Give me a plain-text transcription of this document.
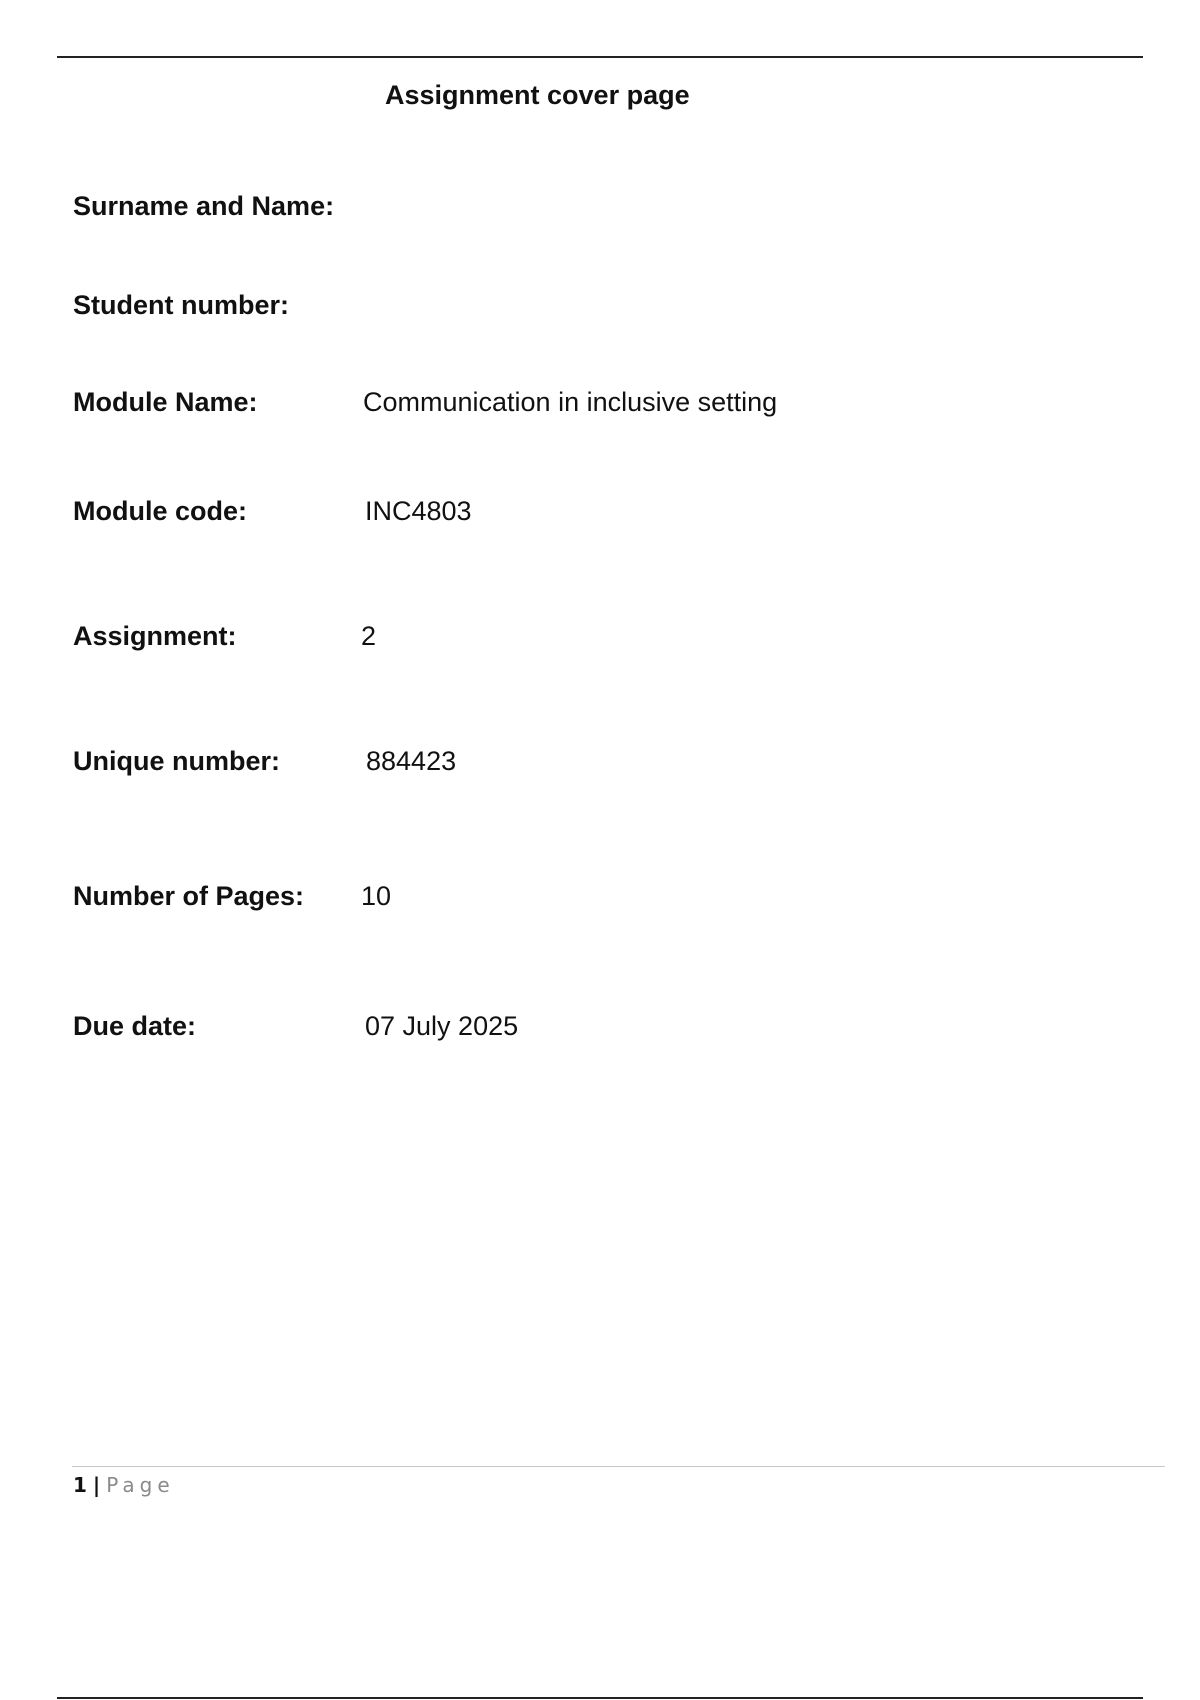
Assignment cover page
Surname and Name:
Student number:
Module Name:	Communication in inclusive setting
Module code:	INC4803
Assignment:	2
Unique number:	884423
Number of Pages: 10
Due date:	07 July 2025
1 | Page
